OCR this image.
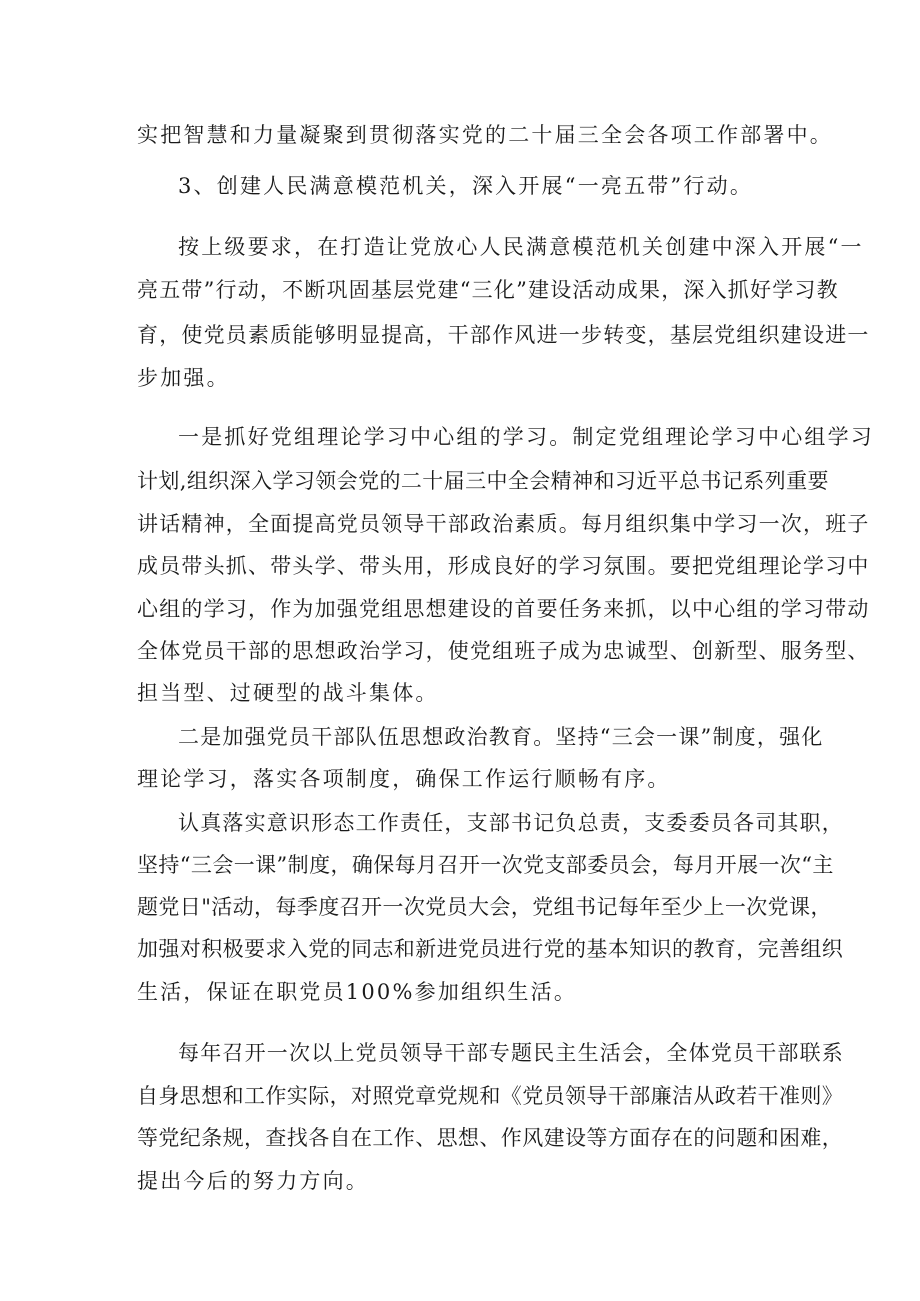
实把智慧和力量凝聚到贯彻落实党的二十届三全会各项工作部署中。
3、创建人民满意模范机关，深入开展“一亮五带”行动。
按上级要求，在打造让党放心人民满意模范机关创建中深入开展“一
亮五带”行动，不断巩固基层党建“三化”建设活动成果，深入抓好学习教
育，使党员素质能够明显提高，干部作风进一步转变，基层党组织建设进一
步加强。
一是抓好党组理论学习中心组的学习。制定党组理论学习中心组学习
计划,组织深入学习领会党的二十届三中全会精神和习近平总书记系列重要
讲话精神，全面提高党员领导干部政治素质。每月组织集中学习一次，班子
成员带头抓、带头学、带头用，形成良好的学习氛围。要把党组理论学习中
心组的学习，作为加强党组思想建设的首要任务来抓，以中心组的学习带动
全体党员干部的思想政治学习，使党组班子成为忠诚型、创新型、服务型、
担当型、过硬型的战斗集体。
二是加强党员干部队伍思想政治教育。坚持“三会一课”制度，强化
理论学习，落实各项制度，确保工作运行顺畅有序。
认真落实意识形态工作责任，支部书记负总责，支委委员各司其职，
坚持“三会一课”制度，确保每月召开一次党支部委员会，每月开展一次“主
题党日"活动，每季度召开一次党员大会，党组书记每年至少上一次党课，
加强对积极要求入党的同志和新进党员进行党的基本知识的教育，完善组织
生活，保证在职党员100%参加组织生活。
每年召开一次以上党员领导干部专题民主生活会，全体党员干部联系
自身思想和工作实际，对照党章党规和《党员领导干部廉洁从政若干准则》
等党纪条规，查找各自在工作、思想、作风建设等方面存在的问题和困难，
提出今后的努力方向。
